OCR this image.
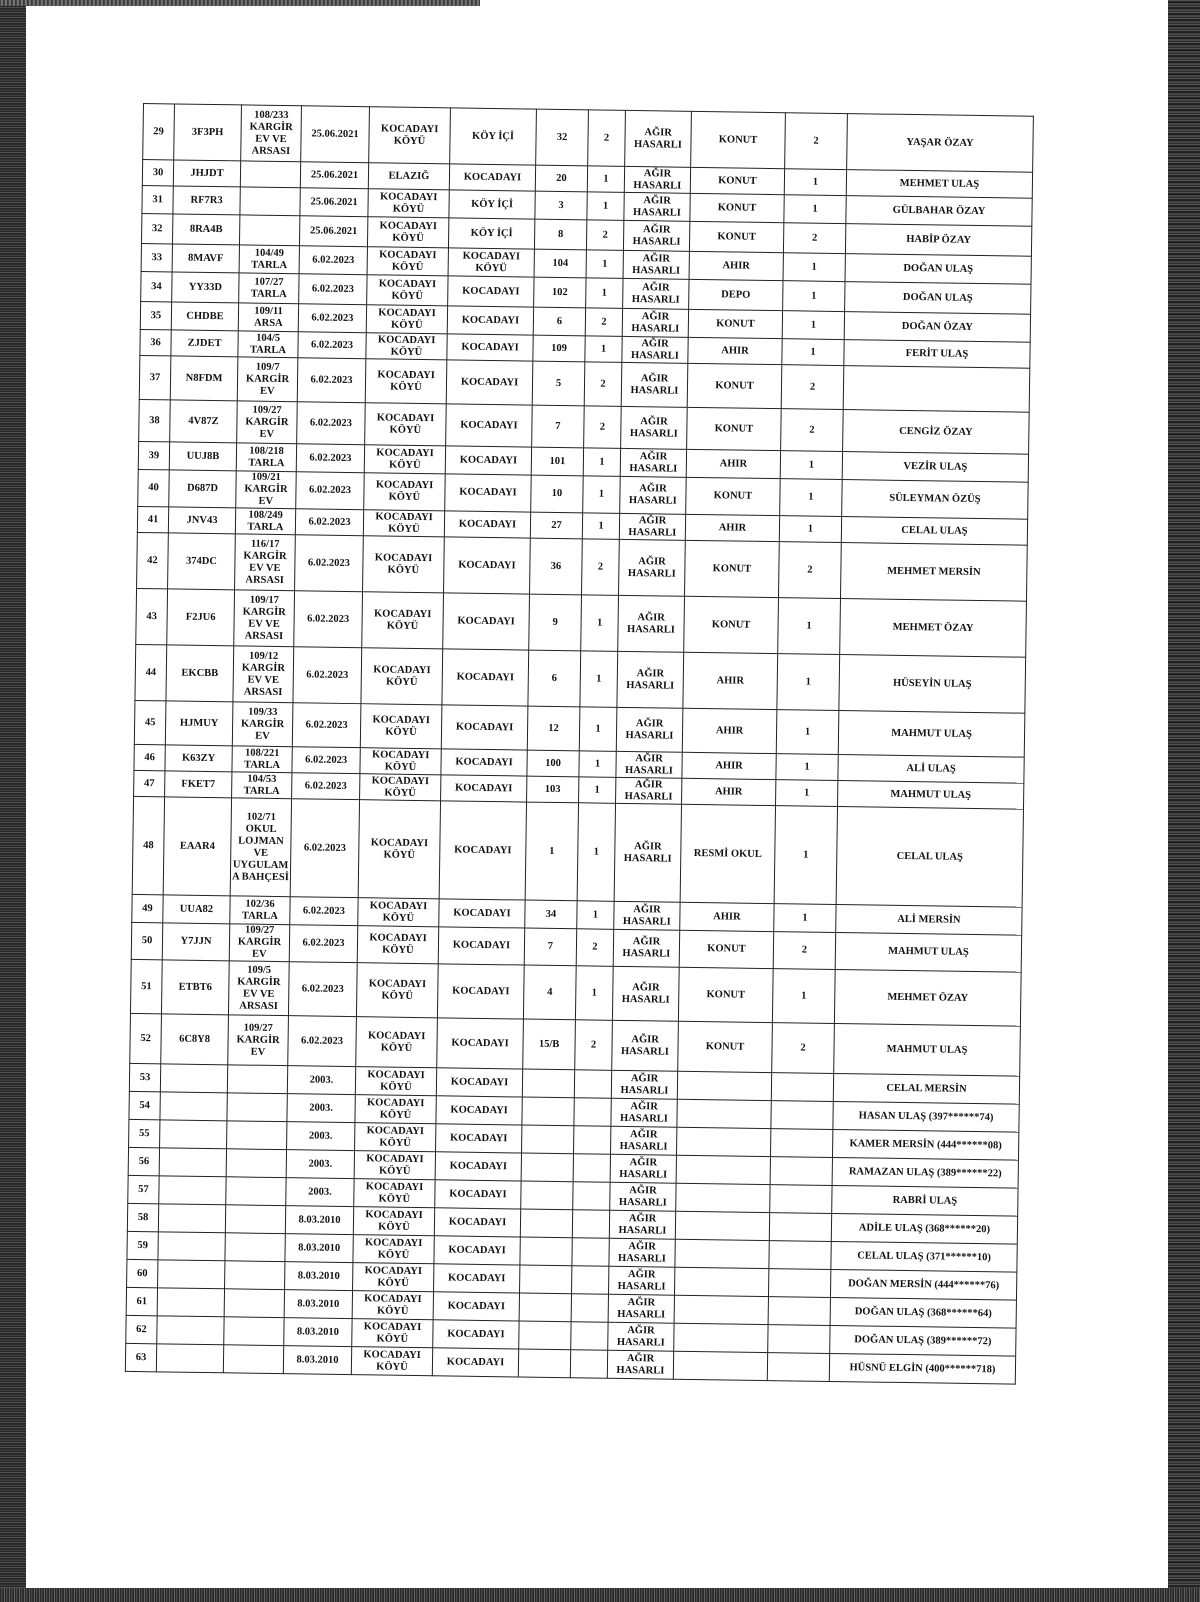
29	3F3PH	108/233 KARGİR EV VE ARSASI	25.06.2021	KOCADAYI KÖYÜ	KÖY İÇİ	32	2	AĞIR HASARLI	KONUT	2	YAŞAR ÖZAY
30	JHJDT		25.06.2021	ELAZIĞ	KOCADAYI	20	1	AĞIR HASARLI	KONUT	1	MEHMET ULAŞ
31	RF7R3		25.06.2021	KOCADAYI KÖYÜ	KÖY İÇİ	3	1	AĞIR HASARLI	KONUT	1	GÜLBAHAR ÖZAY
32	8RA4B		25.06.2021	KOCADAYI KÖYÜ	KÖY İÇİ	8	2	AĞIR HASARLI	KONUT	2	HABİP ÖZAY
33	8MAVF	104/49 TARLA	6.02.2023	KOCADAYI KÖYÜ	KOCADAYI KÖYÜ	104	1	AĞIR HASARLI	AHIR	1	DOĞAN ULAŞ
34	YY33D	107/27 TARLA	6.02.2023	KOCADAYI KÖYÜ	KOCADAYI	102	1	AĞIR HASARLI	DEPO	1	DOĞAN ULAŞ
35	CHDBE	109/11 ARSA	6.02.2023	KOCADAYI KÖYÜ	KOCADAYI	6	2	AĞIR HASARLI	KONUT	1	DOĞAN ÖZAY
36	ZJDET	104/5 TARLA	6.02.2023	KOCADAYI KÖYÜ	KOCADAYI	109	1	AĞIR HASARLI	AHIR	1	FERİT ULAŞ
37	N8FDM	109/7 KARGİR EV	6.02.2023	KOCADAYI KÖYÜ	KOCADAYI	5	2	AĞIR HASARLI	KONUT	2	
38	4V87Z	109/27 KARGİR EV	6.02.2023	KOCADAYI KÖYÜ	KOCADAYI	7	2	AĞIR HASARLI	KONUT	2	CENGİZ ÖZAY
39	UUJ8B	108/218 TARLA	6.02.2023	KOCADAYI KÖYÜ	KOCADAYI	101	1	AĞIR HASARLI	AHIR	1	VEZİR ULAŞ
40	D687D	109/21 KARGİR EV	6.02.2023	KOCADAYI KÖYÜ	KOCADAYI	10	1	AĞIR HASARLI	KONUT	1	SÜLEYMAN ÖZÜŞ
41	JNV43	108/249 TARLA	6.02.2023	KOCADAYI KÖYÜ	KOCADAYI	27	1	AĞIR HASARLI	AHIR	1	CELAL ULAŞ
42	374DC	116/17 KARGİR EV VE ARSASI	6.02.2023	KOCADAYI KÖYÜ	KOCADAYI	36	2	AĞIR HASARLI	KONUT	2	MEHMET MERSİN
43	F2JU6	109/17 KARGİR EV VE ARSASI	6.02.2023	KOCADAYI KÖYÜ	KOCADAYI	9	1	AĞIR HASARLI	KONUT	1	MEHMET ÖZAY
44	EKCBB	109/12 KARGİR EV VE ARSASI	6.02.2023	KOCADAYI KÖYÜ	KOCADAYI	6	1	AĞIR HASARLI	AHIR	1	HÜSEYİN ULAŞ
45	HJMUY	109/33 KARGİR EV	6.02.2023	KOCADAYI KÖYÜ	KOCADAYI	12	1	AĞIR HASARLI	AHIR	1	MAHMUT ULAŞ
46	K63ZY	108/221 TARLA	6.02.2023	KOCADAYI KÖYÜ	KOCADAYI	100	1	AĞIR HASARLI	AHIR	1	ALİ ULAŞ
47	FKET7	104/53 TARLA	6.02.2023	KOCADAYI KÖYÜ	KOCADAYI	103	1	AĞIR HASARLI	AHIR	1	MAHMUT ULAŞ
48	EAAR4	102/71 OKUL LOJMAN VE UYGULAM A BAHÇESİ	6.02.2023	KOCADAYI KÖYÜ	KOCADAYI	1	1	AĞIR HASARLI	RESMİ OKUL	1	CELAL ULAŞ
49	UUA82	102/36 TARLA	6.02.2023	KOCADAYI KÖYÜ	KOCADAYI	34	1	AĞIR HASARLI	AHIR	1	ALİ MERSİN
50	Y7JJN	109/27 KARGİR EV	6.02.2023	KOCADAYI KÖYÜ	KOCADAYI	7	2	AĞIR HASARLI	KONUT	2	MAHMUT ULAŞ
51	ETBT6	109/5 KARGİR EV VE ARSASI	6.02.2023	KOCADAYI KÖYÜ	KOCADAYI	4	1	AĞIR HASARLI	KONUT	1	MEHMET ÖZAY
52	6C8Y8	109/27 KARGİR EV	6.02.2023	KOCADAYI KÖYÜ	KOCADAYI	15/B	2	AĞIR HASARLI	KONUT	2	MAHMUT ULAŞ
53			2003.	KOCADAYI KÖYÜ	KOCADAYI			AĞIR HASARLI			CELAL MERSİN
54			2003.	KOCADAYI KÖYÜ	KOCADAYI			AĞIR HASARLI			HASAN ULAŞ (397******74)
55			2003.	KOCADAYI KÖYÜ	KOCADAYI			AĞIR HASARLI			KAMER MERSİN (444******08)
56			2003.	KOCADAYI KÖYÜ	KOCADAYI			AĞIR HASARLI			RAMAZAN ULAŞ (389******22)
57			2003.	KOCADAYI KÖYÜ	KOCADAYI			AĞIR HASARLI			RABRİ ULAŞ
58			8.03.2010	KOCADAYI KÖYÜ	KOCADAYI			AĞIR HASARLI			ADİLE ULAŞ (368******20)
59			8.03.2010	KOCADAYI KÖYÜ	KOCADAYI			AĞIR HASARLI			CELAL ULAŞ (371******10)
60			8.03.2010	KOCADAYI KÖYÜ	KOCADAYI			AĞIR HASARLI			DOĞAN MERSİN (444******76)
61			8.03.2010	KOCADAYI KÖYÜ	KOCADAYI			AĞIR HASARLI			DOĞAN ULAŞ (368******64)
62			8.03.2010	KOCADAYI KÖYÜ	KOCADAYI			AĞIR HASARLI			DOĞAN ULAŞ (389******72)
63			8.03.2010	KOCADAYI KÖYÜ	KOCADAYI			AĞIR HASARLI			HÜSNÜ ELGİN (400******718)
